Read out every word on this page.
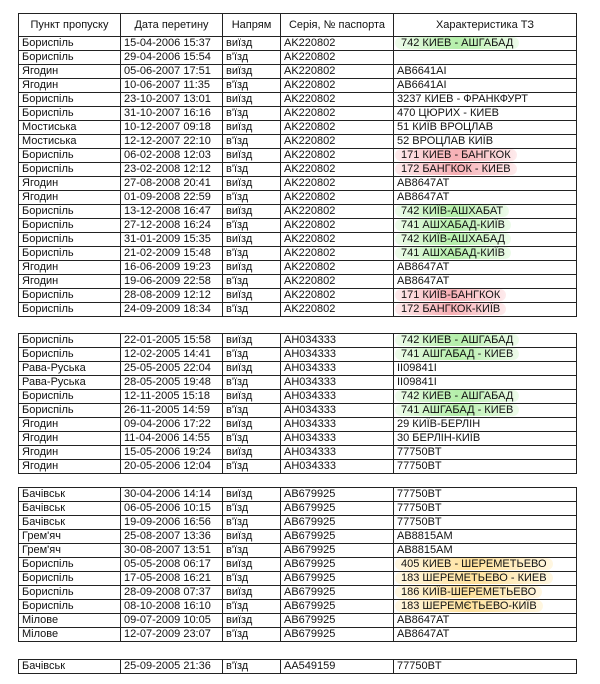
Пункт пропуску	Дата перетину	Напрям	Серія, № паспорта	Характеристика ТЗ
Бориспіль	15-04-2006 15:37	виїзд	AK220802	742 КИЕВ - АШГАБАД
Бориспіль	29-04-2006 15:54	в'їзд	AK220802	
Ягодин	05-06-2007 17:51	виїзд	AK220802	AB6641AI
Ягодин	10-06-2007 11:35	в'їзд	AK220802	AB6641AI
Бориспіль	23-10-2007 13:01	виїзд	AK220802	3237 КИЕВ - ФРАНКФУРТ
Бориспіль	31-10-2007 16:16	в'їзд	AK220802	470 ЦЮРИХ - КИЕВ
Мостиська	10-12-2007 09:18	виїзд	AK220802	51 КИЇВ ВРОЦЛАВ
Мостиська	12-12-2007 22:10	в'їзд	AK220802	52 ВРОЦЛАВ КИЇВ
Бориспіль	06-02-2008 12:03	виїзд	AK220802	171 КИЕВ - БАНГКОК
Бориспіль	23-02-2008 12:12	в'їзд	AK220802	172 БАНГКОК - КИЕВ
Ягодин	27-08-2008 20:41	виїзд	AK220802	AB8647AT
Ягодин	01-09-2008 22:59	в'їзд	AK220802	AB8647AT
Бориспіль	13-12-2008 16:47	виїзд	AK220802	742 КИЇВ-АШХАБАТ
Бориспіль	27-12-2008 16:24	в'їзд	AK220802	741 АШХАБАД-КИЇВ
Бориспіль	31-01-2009 15:35	виїзд	AK220802	742 КИЇВ-АШХАБАД
Бориспіль	21-02-2009 15:48	в'їзд	AK220802	741 АШХАБАД-КИЇВ
Ягодин	16-06-2009 19:23	виїзд	AK220802	AB8647AT
Ягодин	19-06-2009 22:58	в'їзд	AK220802	AB8647AT
Бориспіль	28-08-2009 12:12	виїзд	AK220802	171 КИЇВ-БАНГКОК
Бориспіль	24-09-2009 18:34	в'їзд	AK220802	172 БАНГКОК-КИЇВ
Бориспіль	22-01-2005 15:58	виїзд	AH034333	742 КИЕВ - АШГАБАД
Бориспіль	12-02-2005 14:41	в'їзд	AH034333	741 АШГАБАД - КИЕВ
Рава-Руська	25-05-2005 22:04	виїзд	AH034333	II09841I
Рава-Руська	28-05-2005 19:48	в'їзд	AH034333	II09841I
Бориспіль	12-11-2005 15:18	виїзд	AH034333	742 КИЕВ - АШГАБАД
Бориспіль	26-11-2005 14:59	в'їзд	AH034333	741 АШГАБАД - КИЕВ
Ягодин	09-04-2006 17:22	виїзд	AH034333	29 КИЇВ-БЕРЛІН
Ягодин	11-04-2006 14:55	в'їзд	AH034333	30 БЕРЛІН-КИЇВ
Ягодин	15-05-2006 19:24	виїзд	AH034333	77750BT
Ягодин	20-05-2006 12:04	в'їзд	AH034333	77750BT
Бачівськ	30-04-2006 14:14	виїзд	AB679925	77750BT
Бачівськ	06-05-2006 10:15	в'їзд	AB679925	77750BT
Бачівськ	19-09-2006 16:56	в'їзд	AB679925	77750BT
Грем'яч	25-08-2007 13:36	виїзд	AB679925	AB8815AM
Грем'яч	30-08-2007 13:51	в'їзд	AB679925	AB8815AM
Бориспіль	05-05-2008 06:17	виїзд	AB679925	405 КИЕВ - ШЕРЕМЕТЬЕВО
Бориспіль	17-05-2008 16:21	в'їзд	AB679925	183 ШЕРЕМЕТЬЕВО - КИЕВ
Бориспіль	28-09-2008 07:37	виїзд	AB679925	186 КИЇВ-ШЕРЕМЕТЬЕВО
Бориспіль	08-10-2008 16:10	в'їзд	AB679925	183 ШЕРЕМЄТЬЕВО-КИЇВ
Мілове	09-07-2009 10:05	виїзд	AB679925	AB8647AT
Мілове	12-07-2009 23:07	в'їзд	AB679925	AB8647AT
Бачівськ	25-09-2005 21:36	в'їзд	AA549159	77750BT
